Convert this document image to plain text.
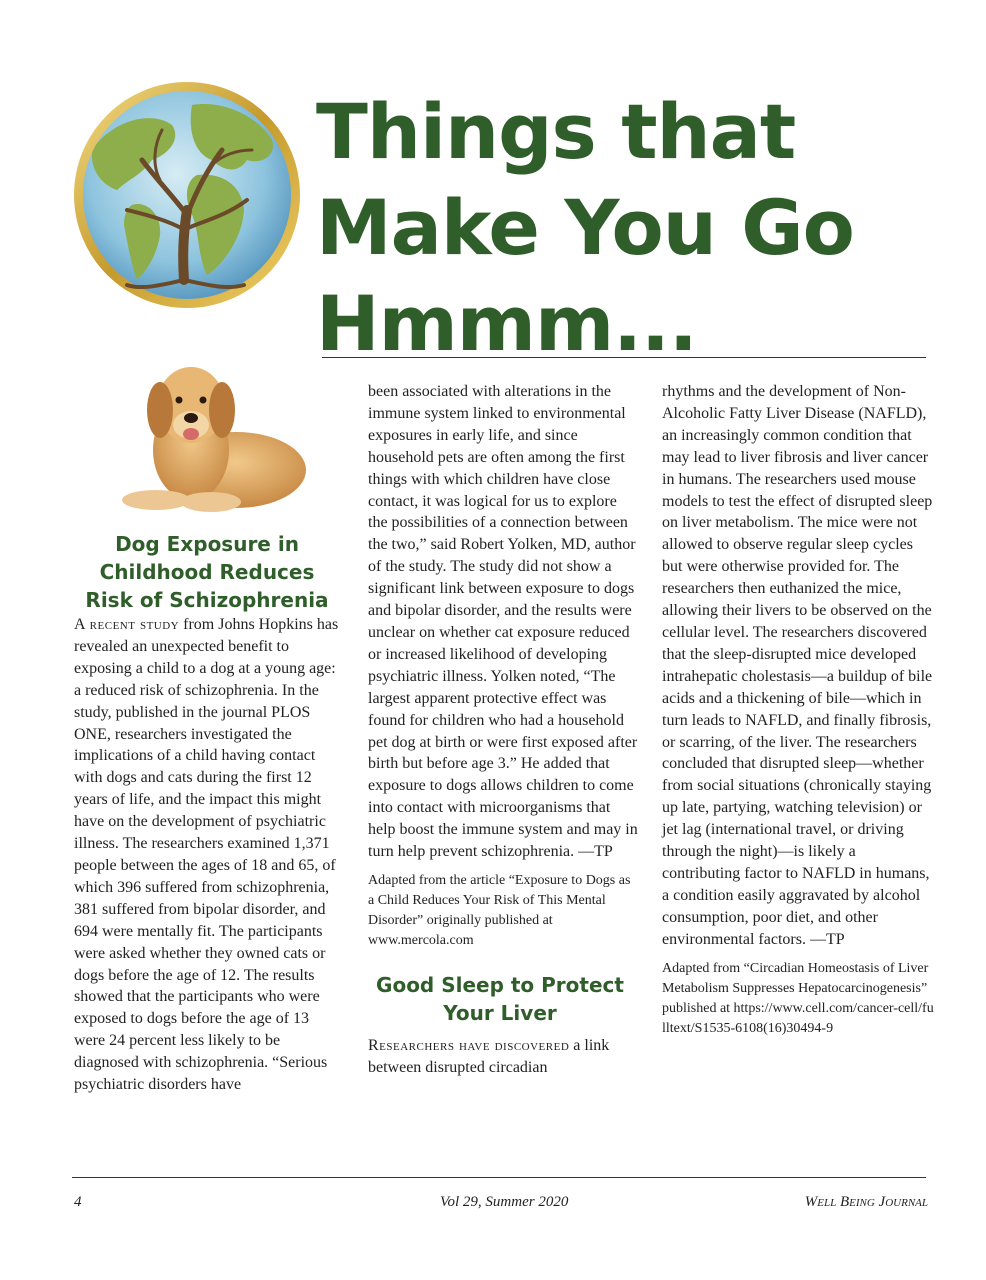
Things that Make You Go Hmmm...
Dog Exposure in Childhood Reduces Risk of Schizophrenia

A recent study from Johns Hopkins has revealed an unexpected benefit to exposing a child to a dog at a young age: a reduced risk of schizophrenia. In the study, published in the journal PLOS ONE, researchers investigated the implications of a child having contact with dogs and cats during the first 12 years of life, and the impact this might have on the development of psychiatric illness. The researchers examined 1,371 people between the ages of 18 and 65, of which 396 suffered from schizophrenia, 381 suffered from bipolar disorder, and 694 were mentally fit. The participants were asked whether they owned cats or dogs before the age of 12. The results showed that the participants who were exposed to dogs before the age of 13 were 24 percent less likely to be diagnosed with schizophrenia. “Serious psychiatric disorders have

been associated with alterations in the immune system linked to environmental exposures in early life, and since household pets are often among the first things with which children have close contact, it was logical for us to explore the possibilities of a connection between the two,” said Robert Yolken, MD, author of the study. The study did not show a significant link between exposure to dogs and bipolar disorder, and the results were unclear on whether cat exposure reduced or increased likelihood of developing psychiatric illness. Yolken noted, “The largest apparent protective effect was found for children who had a household pet dog at birth or were first exposed after birth but before age 3.” He added that exposure to dogs allows children to come into contact with microorganisms that help boost the immune system and may in turn help prevent schizophrenia. —TP

Adapted from the article “Exposure to Dogs as a Child Reduces Your Risk of This Mental Disorder” originally published at www.mercola.com

Good Sleep to Protect Your Liver

Researchers have discovered a link between disrupted circadian

rhythms and the development of Non-Alcoholic Fatty Liver Disease (NAFLD), an increasingly common condition that may lead to liver fibrosis and liver cancer in humans. The researchers used mouse models to test the effect of disrupted sleep on liver metabolism. The mice were not allowed to observe regular sleep cycles but were otherwise provided for. The researchers then euthanized the mice, allowing their livers to be observed on the cellular level. The researchers discovered that the sleep-disrupted mice developed intrahepatic cholestasis—a buildup of bile acids and a thickening of bile—which in turn leads to NAFLD, and finally fibrosis, or scarring, of the liver. The researchers concluded that disrupted sleep—whether from social situations (chronically staying up late, partying, watching television) or jet lag (international travel, or driving through the night)—is likely a contributing factor to NAFLD in humans, a condition easily aggravated by alcohol consumption, poor diet, and other environmental factors. —TP

Adapted from “Circadian Homeostasis of Liver Metabolism Suppresses Hepatocarcinogenesis” published at https://www.cell.com/cancer-cell/fulltext/S1535-6108(16)30494-9

4	Vol 29, Summer 2020	Well Being Journal
